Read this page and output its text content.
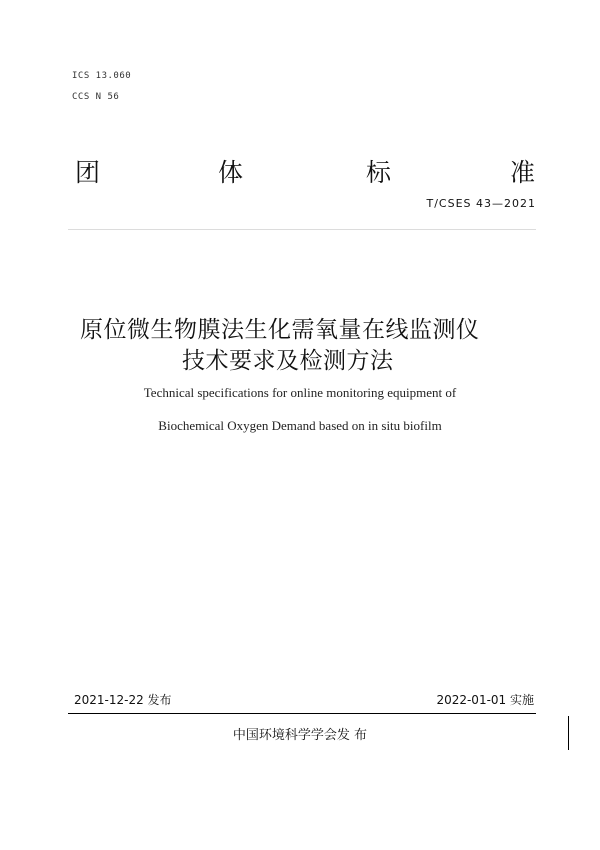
ICS 13.060
CCS N 56
团	体	标	准
T/CSES 43—2021
原位微生物膜法生化需氧量在线监测仪
技术要求及检测方法
Technical specifications for online monitoring equipment of
Biochemical Oxygen Demand based on in situ biofilm
2021-12-22 发布	2022-01-01 实施
中国环境科学学会发 布
